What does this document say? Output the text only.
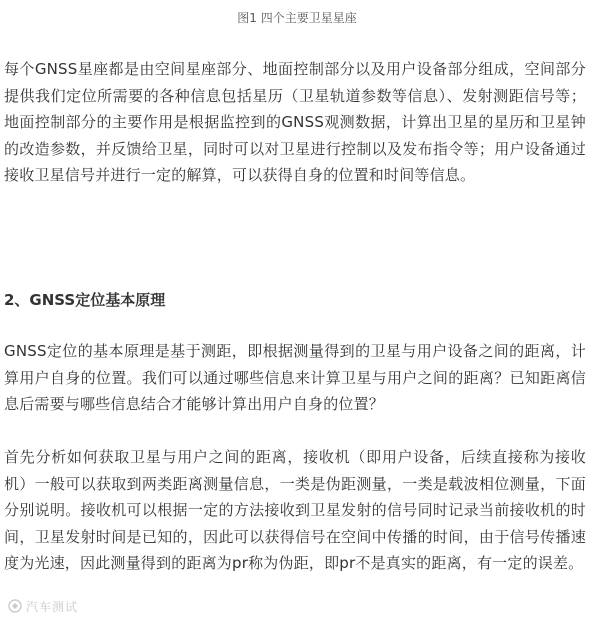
图1 四个主要卫星星座

每个GNSS星座都是由空间星座部分、地面控制部分以及用户设备部分组成，空间部分提供我们定位所需要的各种信息包括星历（卫星轨道参数等信息）、发射测距信号等；地面控制部分的主要作用是根据监控到的GNSS观测数据，计算出卫星的星历和卫星钟的改造参数，并反馈给卫星，同时可以对卫星进行控制以及发布指令等；用户设备通过接收卫星信号并进行一定的解算，可以获得自身的位置和时间等信息。

2、GNSS定位基本原理

GNSS定位的基本原理是基于测距，即根据测量得到的卫星与用户设备之间的距离，计算用户自身的位置。我们可以通过哪些信息来计算卫星与用户之间的距离？已知距离信息后需要与哪些信息结合才能够计算出用户自身的位置？

首先分析如何获取卫星与用户之间的距离，接收机（即用户设备，后续直接称为接收机）一般可以获取到两类距离测量信息，一类是伪距测量，一类是载波相位测量，下面分别说明。接收机可以根据一定的方法接收到卫星发射的信号同时记录当前接收机的时间，卫星发射时间是已知的，因此可以获得信号在空间中传播的时间，由于信号传播速度为光速，因此测量得到的距离为pr称为伪距，即pr不是真实的距离，有一定的误差。

汽车测试
